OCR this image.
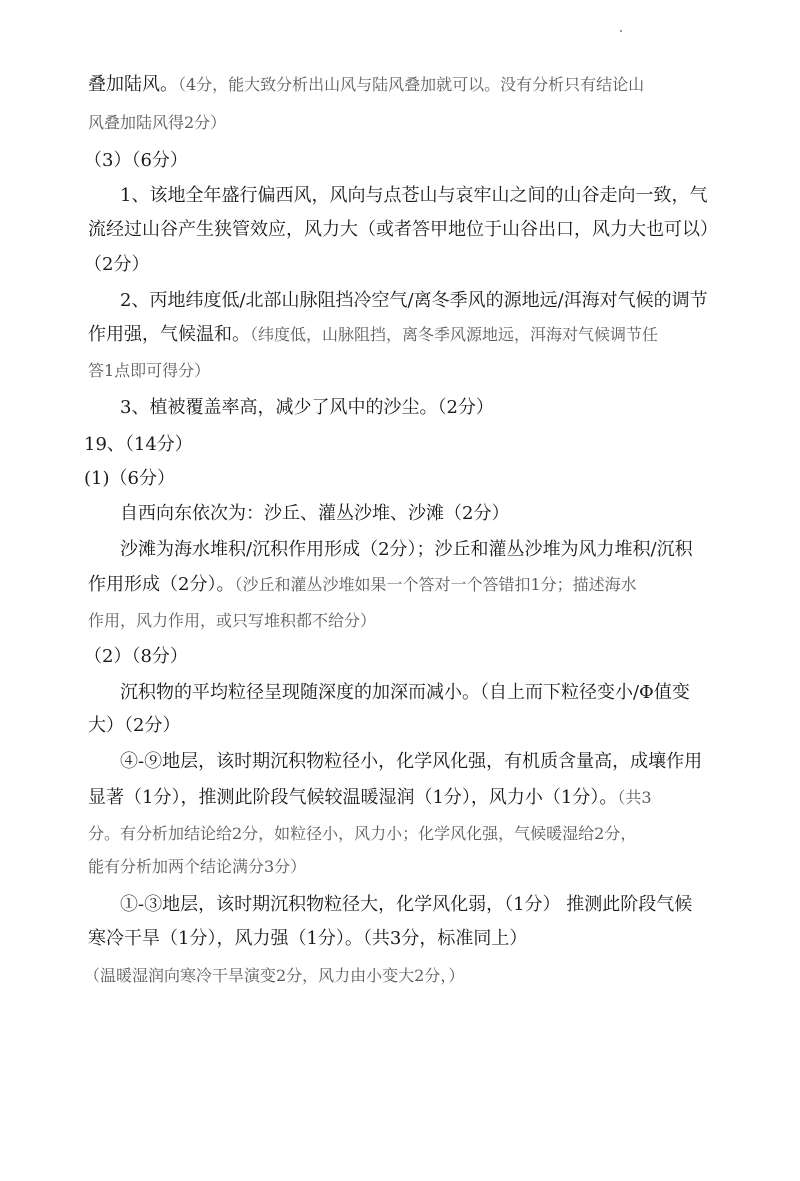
叠加陆风。（4分，能大致分析出山风与陆风叠加就可以。没有分析只有结论山
风叠加陆风得2分）
（3）（6分）
1、该地全年盛行偏西风，风向与点苍山与哀牢山之间的山谷走向一致，气
流经过山谷产生狭管效应，风力大（或者答甲地位于山谷出口，风力大也可以）
（2分）
2、丙地纬度低/北部山脉阻挡冷空气/离冬季风的源地远/洱海对气候的调节
作用强，气候温和。（纬度低，山脉阻挡，离冬季风源地远，洱海对气候调节任
答1点即可得分）
3、植被覆盖率高，减少了风中的沙尘。（2分）
19、（14分）
(1)（6分）
自西向东依次为：沙丘、灌丛沙堆、沙滩（2分）
沙滩为海水堆积/沉积作用形成（2分）；沙丘和灌丛沙堆为风力堆积/沉积
作用形成（2分）。（沙丘和灌丛沙堆如果一个答对一个答错扣1分；描述海水
作用，风力作用，或只写堆积都不给分）
（2）（8分）
沉积物的平均粒径呈现随深度的加深而减小。（自上而下粒径变小/Φ值变
大）（2分）
④-⑨地层，该时期沉积物粒径小，化学风化强，有机质含量高，成壤作用
显著（1分），推测此阶段气候较温暖湿润（1分），风力小（1分）。（共3
分。有分析加结论给2分，如粒径小，风力小；化学风化强，气候暖湿给2分，
能有分析加两个结论满分3分）
①-③地层，该时期沉积物粒径大，化学风化弱，（1分） 推测此阶段气候
寒冷干旱（1分），风力强（1分）。（共3分，标准同上）
（温暖湿润向寒冷干旱演变2分，风力由小变大2分，）
